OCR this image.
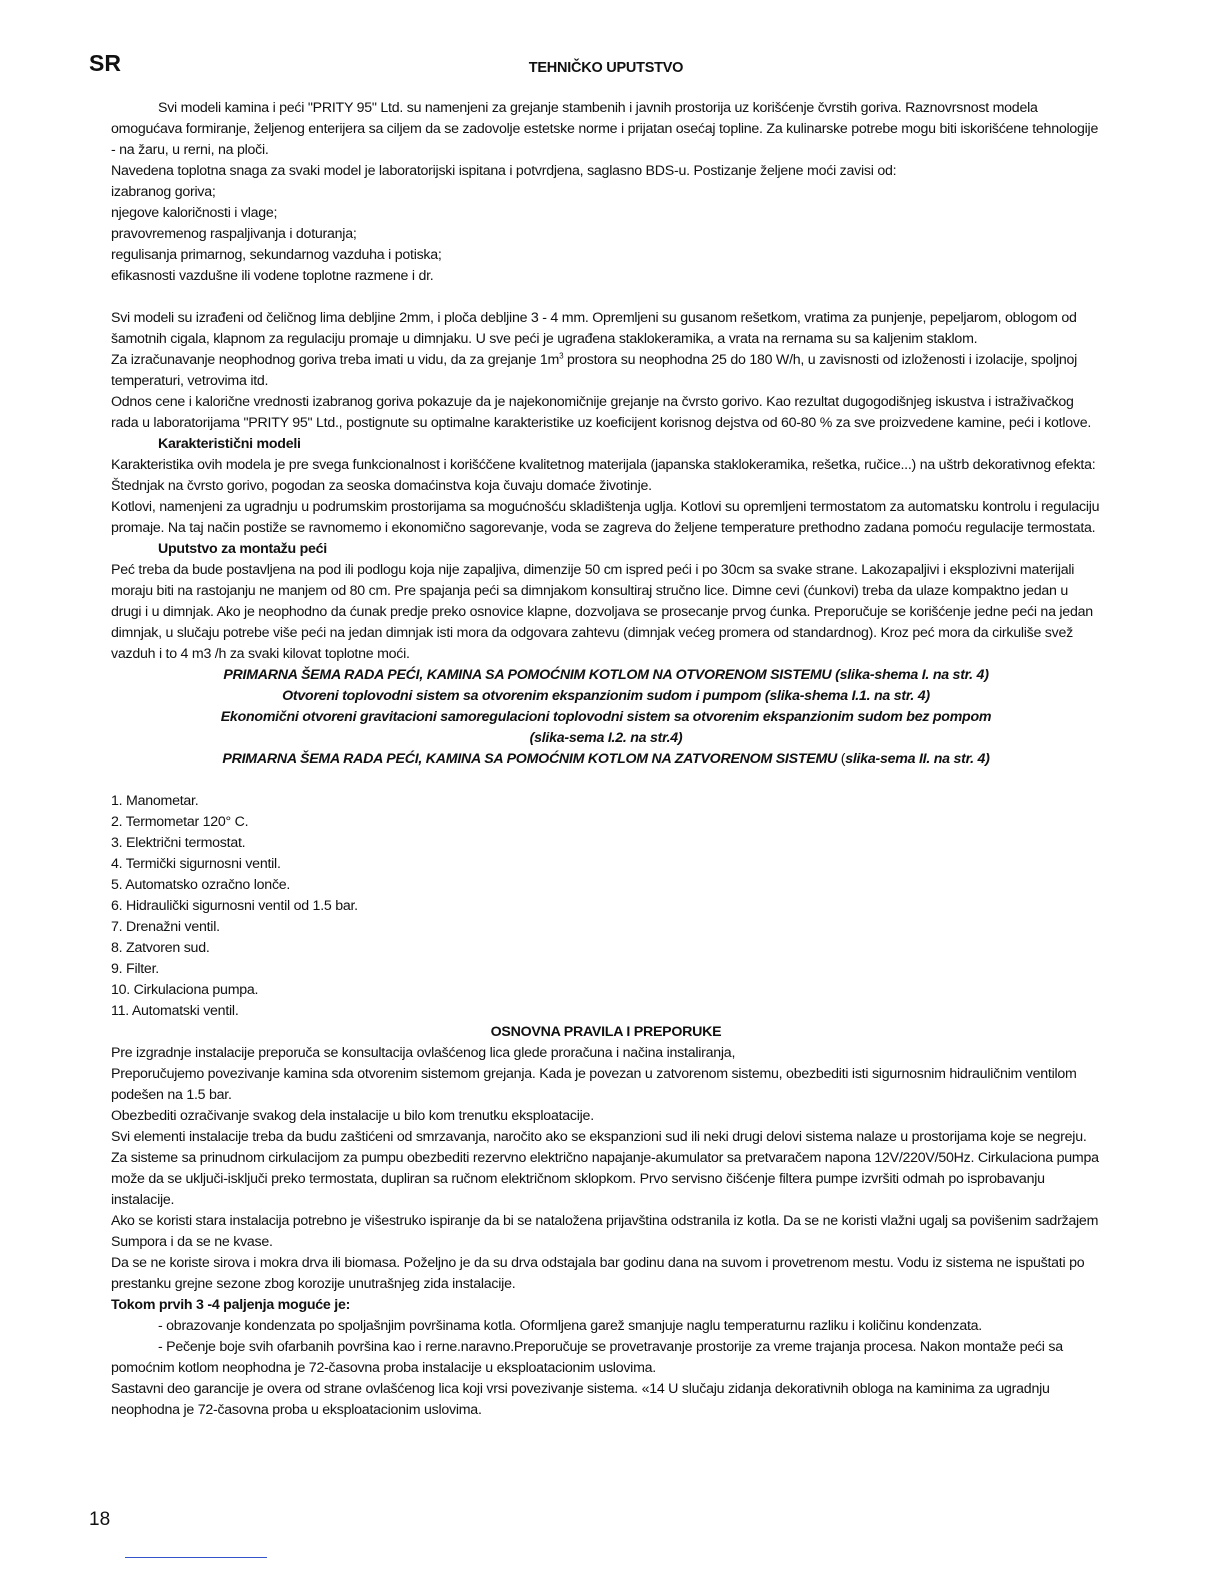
SR	TEHNIČKO UPUTSTVO

Svi modeli kamina i peći "PRITY 95" Ltd. su namenjeni za grejanje stambenih i javnih prostorija uz korišćenje čvrstih goriva. Raznovrsnost modela omogućava formiranje, željenog enterijera sa ciljem da se zadovolje estetske norme i prijatan osećaj topline. Za kulinarske potrebe mogu biti iskorišćene tehnologije - na žaru, u rerni, na ploči.

Navedena toplotna snaga za svaki model je laboratorijski ispitana i potvrdjena, saglasno BDS-u. Postizanje željene moći zavisi od:

izabranog goriva;

njegove kaloričnosti i vlage;

pravovremenog raspaljivanja i doturanja;

regulisanja primarnog, sekundarnog vazduha i potiska;

efikasnosti vazdušne ili vodene toplotne razmene i dr.

Svi modeli su izrađeni od čeličnog lima debljine 2mm, i ploča debljine 3 - 4 mm. Opremljeni su gusanom rešetkom, vratima za punjenje, pepeljarom, oblogom od šamotnih cigala, klapnom za regulaciju promaje u dimnjaku. U sve peći je ugrađena staklokeramika, a vrata na rernama su sa kaljenim staklom.

Za izračunavanje neophodnog goriva treba imati u vidu, da za grejanje $1m^3$ prostora su neophodna 25 do 180 W/h, u zavisnosti od izloženosti i izolacije, spoljnoj temperaturi, vetrovima itd.

Odnos cene i kalorične vrednosti izabranog goriva pokazuje da je najekonomičnije grejanje na čvrsto gorivo. Kao rezultat dugogodišnjeg iskustva i istraživačkog rada u laboratorijama "PRITY 95" Ltd., postignute su optimalne karakteristike uz koeficijent korisnog dejstva od 60-80 % za sve proizvedene kamine, peći i kotlove.

Karakteristični modeli

Karakteristika ovih modela je pre svega funkcionalnost i korišćčene kvalitetnog materijala (japanska staklokeramika, rešetka, ručice...) na uštrb dekorativnog efekta:

Štednjak na čvrsto gorivo, pogodan za seoska domaćinstva koja čuvaju domaće životinje.

Kotlovi, namenjeni za ugradnju u podrumskim prostorijama sa mogućnošću skladištenja uglja. Kotlovi su opremljeni termostatom za automatsku kontrolu i regulaciju promaje. Na taj način postiže se ravnomemo i ekonomično sagorevanje, voda se zagreva do željene temperature prethodno zadana pomoću regulacije termostata.

Uputstvo za montažu peći

Peć treba da bude postavljena na pod ili podlogu koja nije zapaljiva, dimenzije 50 cm ispred peći i po 30cm sa svake strane. Lakozapaljivi i eksplozivni materijali moraju biti na rastojanju ne manjem od 80 cm. Pre spajanja peći sa dimnjakom konsultiraj stručno lice. Dimne cevi (ćunkovi) treba da ulaze kompaktno jedan u drugi i u dimnjak. Ako je neophodno da ćunak predje preko osnovice klapne, dozvoljava se prosecanje prvog ćunka. Preporučuje se korišćenje jedne peći na jedan dimnjak, u slučaju potrebe više peći na jedan dimnjak isti mora da odgovara zahtevu (dimnjak većeg promera od standardnog). Kroz peć mora da cirkuliše svež vazduh i to 4 m3 /h za svaki kilovat toplotne moći.

PRIMARNA ŠEMA RADA PEĆI, KAMINA SA POMOĆNIM KOTLOM NA OTVORENOM SISTEMU (slika-shema I. na str. 4)

Otvoreni toplovodni sistem sa otvorenim ekspanzionim sudom i pumpom (slika-shema I.1. na str. 4)

Ekonomični otvoreni gravitacioni samoregulacioni toplovodni sistem sa otvorenim ekspanzionim sudom bez pompom

(slika-sema I.2. na str.4)

PRIMARNA ŠEMA RADA PEĆI, KAMINA SA POMOĆNIM KOTLOM NA ZATVORENOM SISTEMU (slika-sema II. na str. 4)

1. Manometar.

2. Termometar 120° C.

3. Električni termostat.

4. Termički sigurnosni ventil.

5. Automatsko ozračno lonče.

6. Hidraulički sigurnosni ventil od 1.5 bar.

7. Drenažni ventil.

8. Zatvoren sud.

9. Filter.

10. Cirkulaciona pumpa.

11. Automatski ventil.

OSNOVNA PRAVILA I PREPORUKE

Pre izgradnje instalacije preporuča se konsultacija ovlašćenog lica glede proračuna i načina instaliranja,

Preporučujemo povezivanje kamina sda otvorenim sistemom grejanja. Kada je povezan u zatvorenom sistemu, obezbediti isti sigurnosnim hidrauličnim ventilom podešen na 1.5 bar.

Obezbediti ozračivanje svakog dela instalacije u bilo kom trenutku eksploatacije.

Svi elementi instalacije treba da budu zaštićeni od smrzavanja, naročito ako se ekspanzioni sud ili neki drugi delovi sistema nalaze u prostorijama koje se negreju.

Za sisteme sa prinudnom cirkulacijom za pumpu obezbediti rezervno električno napajanje-akumulator sa pretvaračem napona 12V/220V/50Hz. Cirkulaciona pumpa može da se uključi-isključi preko termostata, dupliran sa ručnom električnom sklopkom. Prvo servisno čišćenje filtera pumpe izvršiti odmah po isprobavanju instalacije.

Ako se koristi stara instalacija potrebno je višestruko ispiranje da bi se nataložena prijavština odstranila iz kotla. Da se ne koristi vlažni ugalj sa povišenim sadržajem Sumpora i da se ne kvase.

Da se ne koriste sirova i mokra drva ili biomasa. Poželjno je da su drva odstajala bar godinu dana na suvom i provetrenom mestu. Vodu iz sistema ne ispuštati po prestanku grejne sezone zbog korozije unutrašnjeg zida instalacije.

Tokom prvih 3 -4 paljenja moguće je:

- obrazovanje kondenzata po spoljašnjim površinama kotla. Oformljena garež smanjuje naglu temperaturnu razliku i količinu kondenzata.

- Pečenje boje svih ofarbanih površina kao i rerne.naravno.Preporučuje se provetravanje prostorije za vreme trajanja procesa. Nakon montaže peći sa pomoćnim kotlom neophodna je 72-časovna proba instalacije u eksploatacionim uslovima.

Sastavni deo garancije je overa od strane ovlašćenog lica koji vrsi povezivanje sistema. «14 U slučaju zidanja dekorativnih obloga na kaminima za ugradnju neophodna je 72-časovna proba u eksploatacionim uslovima.

18
